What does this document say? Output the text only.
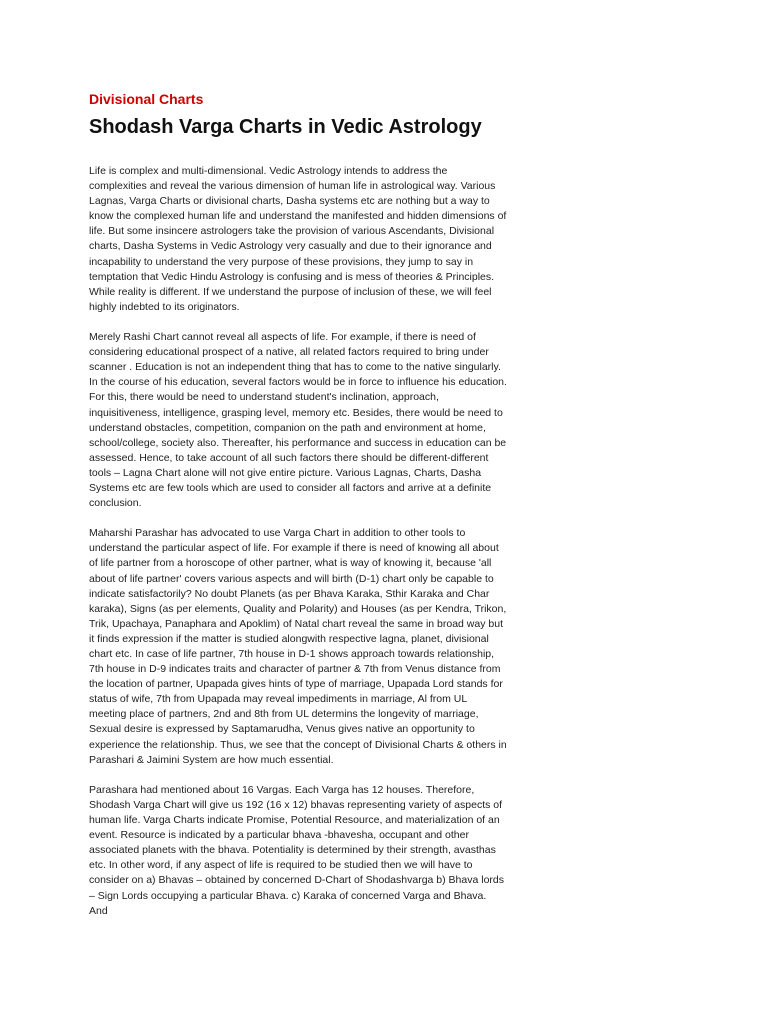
Divisional Charts
Shodash Varga Charts in Vedic Astrology

Life is complex and multi-dimensional. Vedic Astrology intends to address the complexities and reveal the various dimension of human life in astrological way. Various Lagnas, Varga Charts or divisional charts, Dasha systems etc are nothing but a way to know the complexed human life and understand the manifested and hidden dimensions of life. But some insincere astrologers take the provision of various Ascendants, Divisional charts, Dasha Systems in Vedic Astrology very casually and due to their ignorance and incapability to understand the very purpose of these provisions, they jump to say in temptation that Vedic Hindu Astrology is confusing and is mess of theories & Principles. While reality is different. If we understand the purpose of inclusion of these, we will feel highly indebted to its originators.

Merely Rashi Chart cannot reveal all aspects of life. For example, if there is need of considering educational prospect of a native, all related factors required to bring under scanner . Education is not an independent thing that has to come to the native singularly. In the course of his education, several factors would be in force to influence his education. For this, there would be need to understand student's inclination, approach, inquisitiveness, intelligence, grasping level, memory etc. Besides, there would be need to understand obstacles, competition, companion on the path and environment at home, school/college, society also. Thereafter, his performance and success in education can be assessed. Hence, to take account of all such factors there should be different-different tools – Lagna Chart alone will not give entire picture. Various Lagnas, Charts, Dasha Systems etc are few tools which are used to consider all factors and arrive at a definite conclusion.

Maharshi Parashar has advocated to use Varga Chart in addition to other tools to understand the particular aspect of life. For example if there is need of knowing all about of life partner from a horoscope of other partner, what is way of knowing it, because 'all about of life partner' covers various aspects and will birth (D-1) chart only be capable to indicate satisfactorily? No doubt Planets (as per Bhava Karaka, Sthir Karaka and Char karaka), Signs (as per elements, Quality and Polarity) and Houses (as per Kendra, Trikon, Trik, Upachaya, Panaphara and Apoklim) of Natal chart reveal the same in broad way but it finds expression if the matter is studied alongwith respective lagna, planet, divisional chart etc. In case of life partner, 7th house in D-1 shows approach towards relationship, 7th house in D-9 indicates traits and character of partner & 7th from Venus distance from the location of partner, Upapada gives hints of type of marriage, Upapada Lord stands for status of wife, 7th from Upapada may reveal impediments in marriage, Al from UL meeting place of partners, 2nd and 8th from UL determins the longevity of marriage, Sexual desire is expressed by Saptamarudha, Venus gives native an opportunity to experience the relationship. Thus, we see that the concept of Divisional Charts & others in Parashari & Jaimini System are how much essential.

Parashara had mentioned about 16 Vargas. Each Varga has 12 houses. Therefore, Shodash Varga Chart will give us 192 (16 x 12) bhavas representing variety of aspects of human life. Varga Charts indicate Promise, Potential Resource, and materialization of an event. Resource is indicated by a particular bhava -bhavesha, occupant and other associated planets with the bhava. Potentiality is determined by their strength, avasthas etc. In other word, if any aspect of life is required to be studied then we will have to consider on a) Bhavas – obtained by concerned D-Chart of Shodashvarga b) Bhava lords – Sign Lords occupying a particular Bhava. c) Karaka of concerned Varga and Bhava. And
